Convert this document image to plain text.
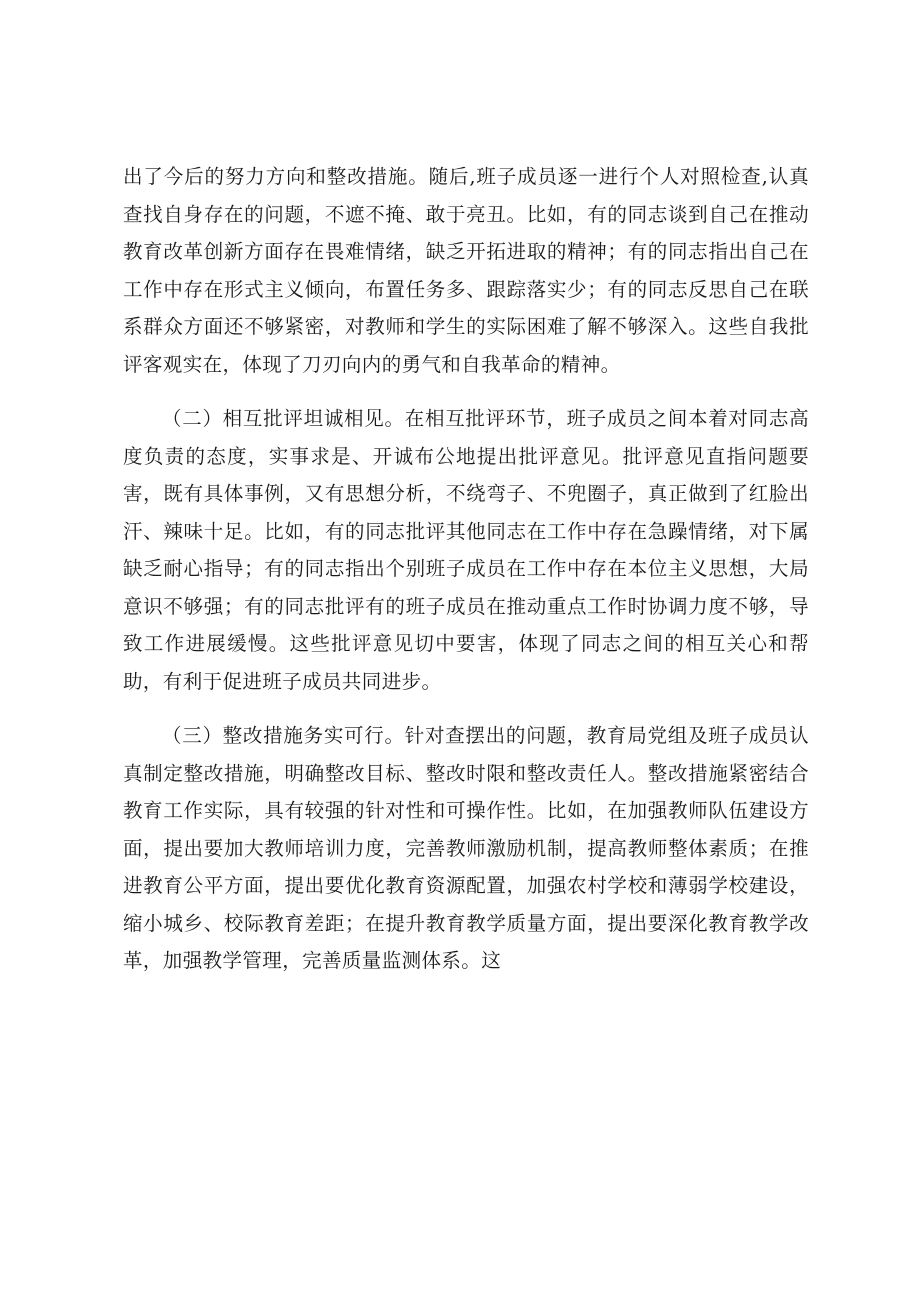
出了今后的努力方向和整改措施。随后,班子成员逐一进行个人对照检查,认真查找自身存在的问题，不遮不掩、敢于亮丑。比如，有的同志谈到自己在推动教育改革创新方面存在畏难情绪，缺乏开拓进取的精神；有的同志指出自己在工作中存在形式主义倾向，布置任务多、跟踪落实少；有的同志反思自己在联系群众方面还不够紧密，对教师和学生的实际困难了解不够深入。这些自我批评客观实在，体现了刀刃向内的勇气和自我革命的精神。

（二）相互批评坦诚相见。在相互批评环节，班子成员之间本着对同志高度负责的态度，实事求是、开诚布公地提出批评意见。批评意见直指问题要害，既有具体事例，又有思想分析，不绕弯子、不兜圈子，真正做到了红脸出汗、辣味十足。比如，有的同志批评其他同志在工作中存在急躁情绪，对下属缺乏耐心指导；有的同志指出个别班子成员在工作中存在本位主义思想，大局意识不够强；有的同志批评有的班子成员在推动重点工作时协调力度不够，导致工作进展缓慢。这些批评意见切中要害，体现了同志之间的相互关心和帮助，有利于促进班子成员共同进步。

（三）整改措施务实可行。针对查摆出的问题，教育局党组及班子成员认真制定整改措施，明确整改目标、整改时限和整改责任人。整改措施紧密结合教育工作实际，具有较强的针对性和可操作性。比如，在加强教师队伍建设方面，提出要加大教师培训力度，完善教师激励机制，提高教师整体素质；在推进教育公平方面，提出要优化教育资源配置，加强农村学校和薄弱学校建设，缩小城乡、校际教育差距；在提升教育教学质量方面，提出要深化教育教学改革，加强教学管理，完善质量监测体系。这
